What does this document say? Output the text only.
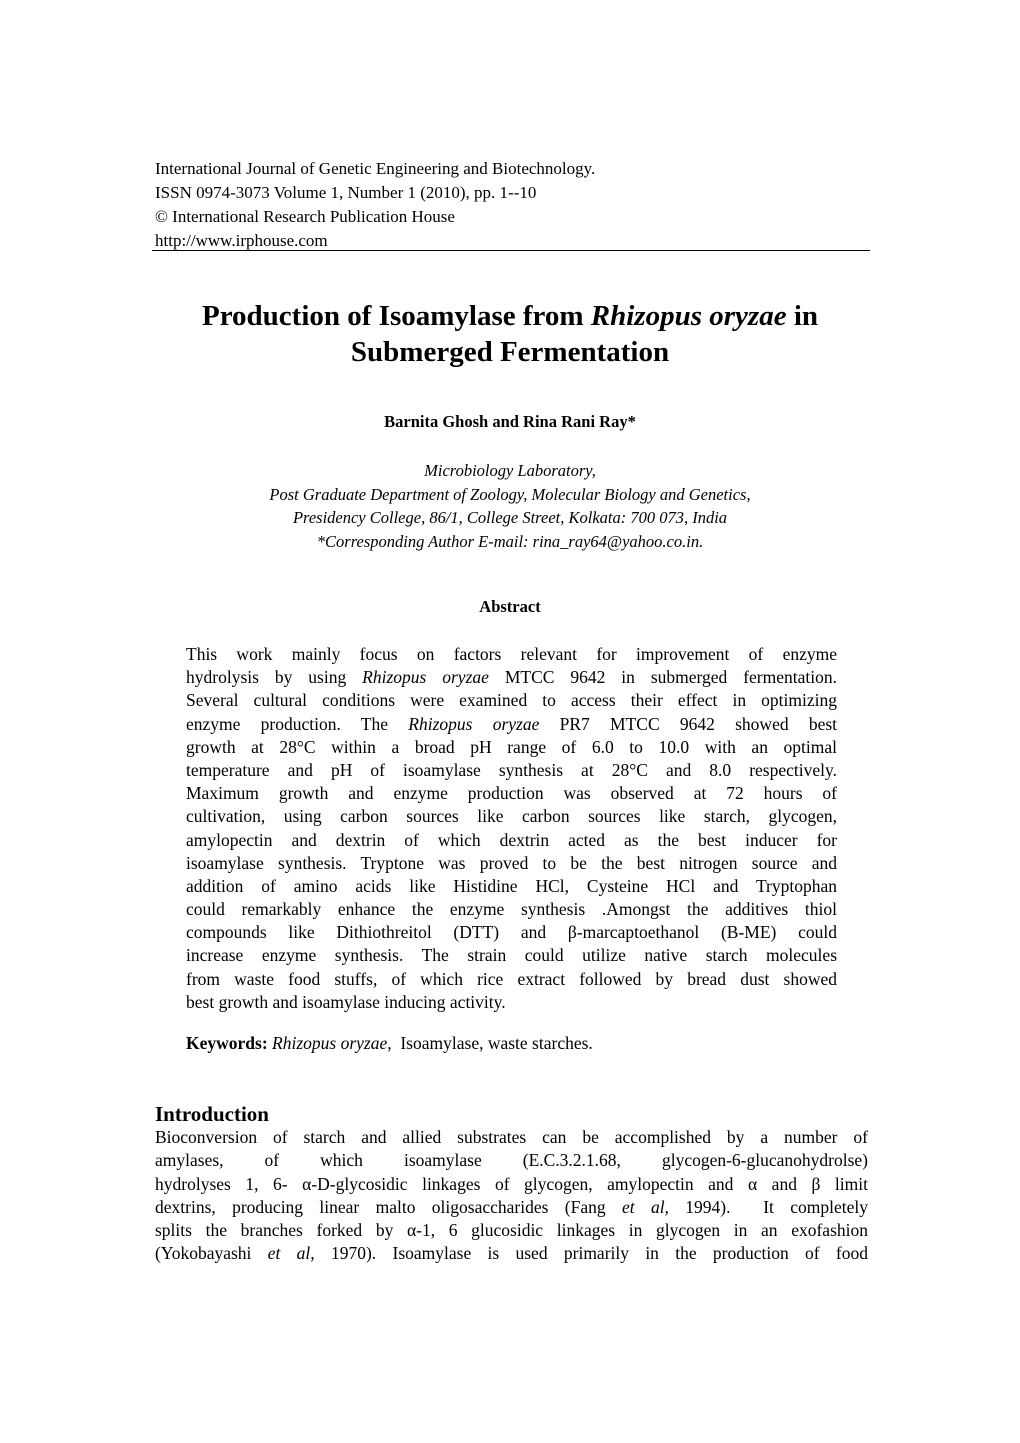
International Journal of Genetic Engineering and Biotechnology.
ISSN 0974-3073 Volume 1, Number 1 (2010), pp. 1--10
© International Research Publication House
http://www.irphouse.com
Production of Isoamylase from Rhizopus oryzae in
Submerged Fermentation
Barnita Ghosh and Rina Rani Ray*
Microbiology Laboratory,
Post Graduate Department of Zoology, Molecular Biology and Genetics,
Presidency College, 86/1, College Street, Kolkata: 700 073, India
*Corresponding Author E-mail: rina_ray64@yahoo.co.in.
Abstract
This work mainly focus on factors relevant for improvement of enzyme
hydrolysis by using Rhizopus oryzae MTCC 9642 in submerged fermentation.
Several cultural conditions were examined to access their effect in optimizing
enzyme production. The Rhizopus oryzae PR7 MTCC 9642 showed best
growth at 28°C within a broad pH range of 6.0 to 10.0 with an optimal
temperature and pH of isoamylase synthesis at 28°C and 8.0 respectively.
Maximum growth and enzyme production was observed at 72 hours of
cultivation, using carbon sources like carbon sources like starch, glycogen,
amylopectin and dextrin of which dextrin acted as the best inducer for
isoamylase synthesis. Tryptone was proved to be the best nitrogen source and
addition of amino acids like Histidine HCl, Cysteine HCl and Tryptophan
could remarkably enhance the enzyme synthesis .Amongst the additives thiol
compounds like Dithiothreitol (DTT) and β-marcaptoethanol (B-ME) could
increase enzyme synthesis. The strain could utilize native starch molecules
from waste food stuffs, of which rice extract followed by bread dust showed
best growth and isoamylase inducing activity.
Keywords: Rhizopus oryzae,  Isoamylase, waste starches.
Introduction
Bioconversion of starch and allied substrates can be accomplished by a number of
amylases, of which isoamylase (E.C.3.2.1.68, glycogen-6-glucanohydrolse)
hydrolyses 1, 6- α-D-glycosidic linkages of glycogen, amylopectin and α and β limit
dextrins, producing linear malto oligosaccharides (Fang et al, 1994).  It completely
splits the branches forked by α-1, 6 glucosidic linkages in glycogen in an exofashion
(Yokobayashi et al, 1970). Isoamylase is used primarily in the production of food
